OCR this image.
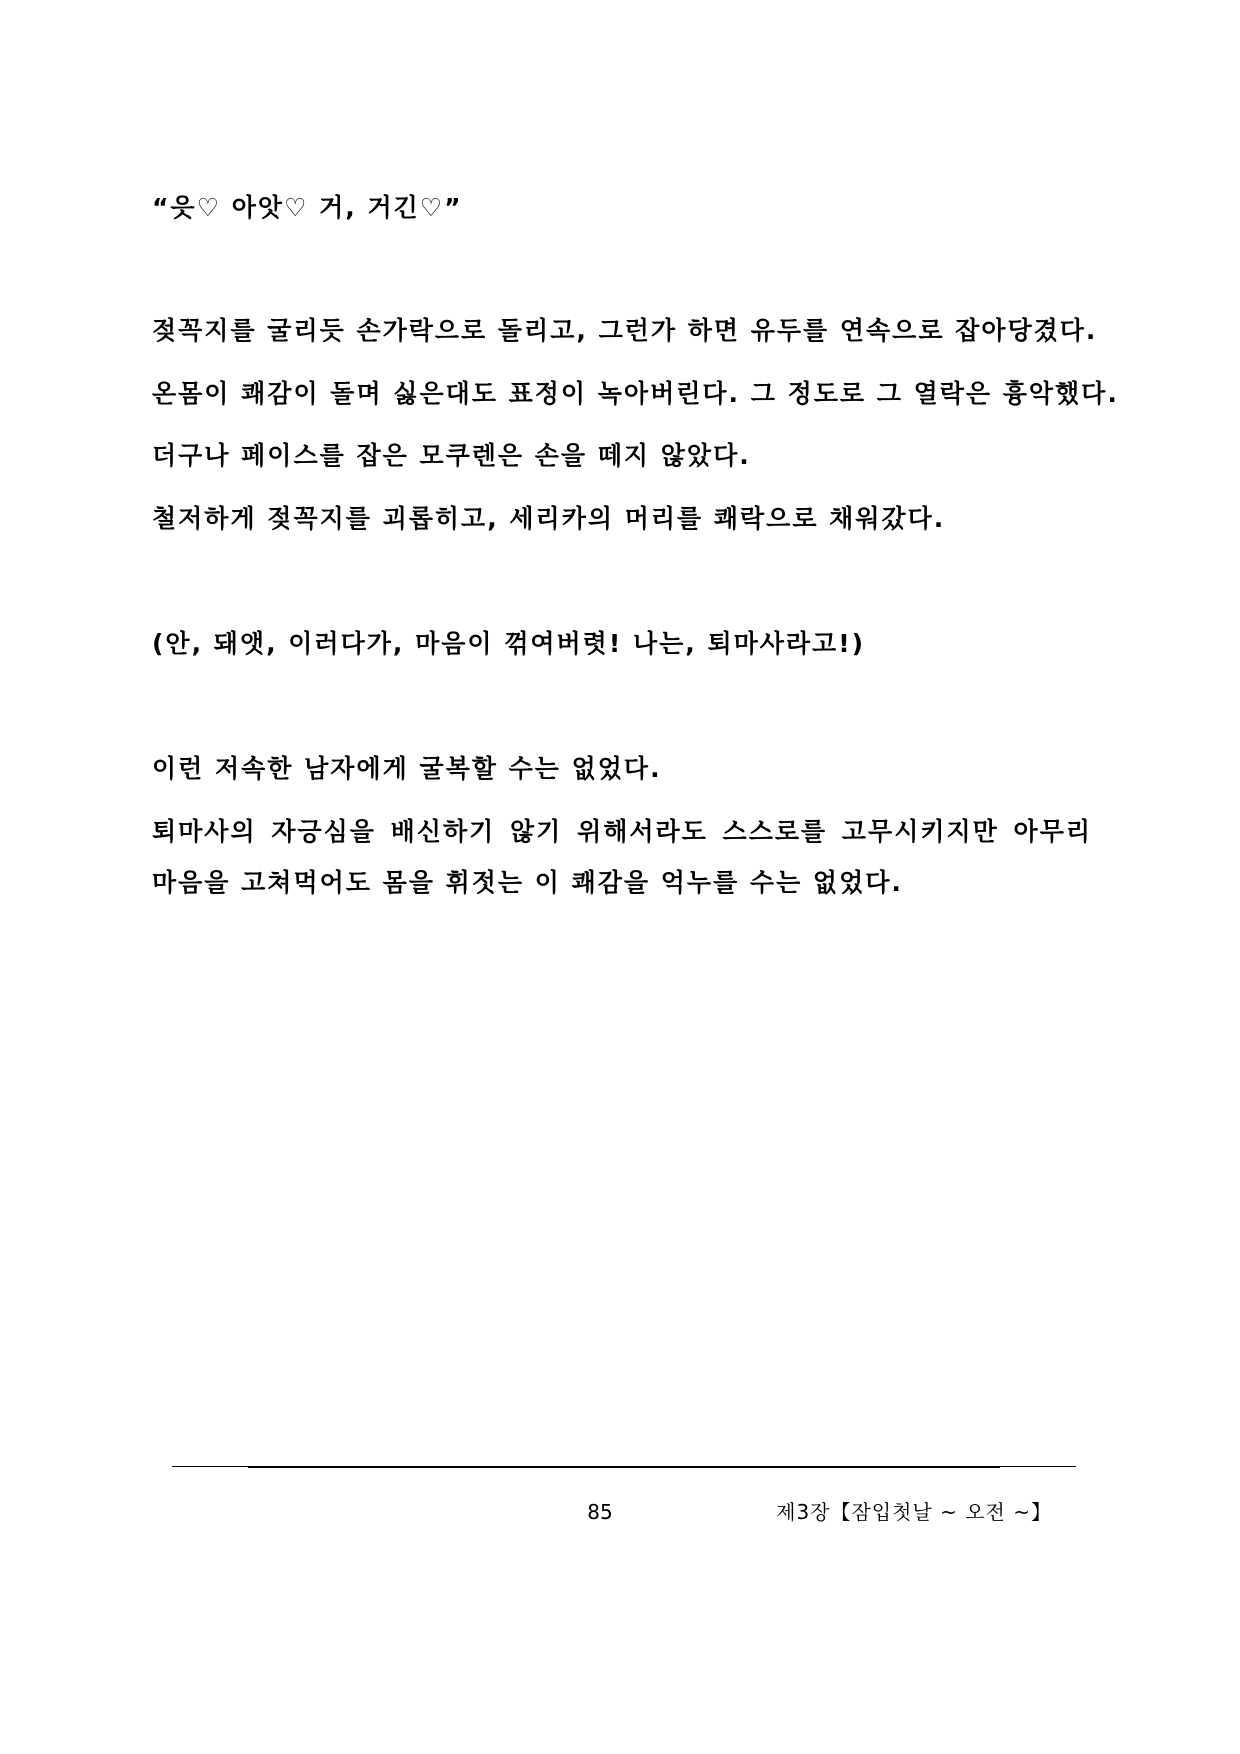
“읏♡ 아앗♡ 거, 거긴♡”

젖꼭지를 굴리듯 손가락으로 돌리고, 그런가 하면 유두를 연속으로 잡아당겼다.

온몸이 쾌감이 돌며 싫은대도 표정이 녹아버린다. 그 정도로 그 열락은 흉악했다.

더구나 페이스를 잡은 모쿠렌은 손을 떼지 않았다.

철저하게 젖꼭지를 괴롭히고, 세리카의 머리를 쾌락으로 채워갔다.

(안, 돼앳, 이러다가, 마음이 꺾여버렷! 나는, 퇴마사라고!)

이런 저속한 남자에게 굴복할 수는 없었다.

퇴마사의 자긍심을 배신하기 않기 위해서라도 스스로를 고무시키지만 아무리

마음을 고쳐먹어도 몸을 휘젓는 이 쾌감을 억누를 수는 없었다.

85	제3장【잠입첫날 ~ 오전 ~】
